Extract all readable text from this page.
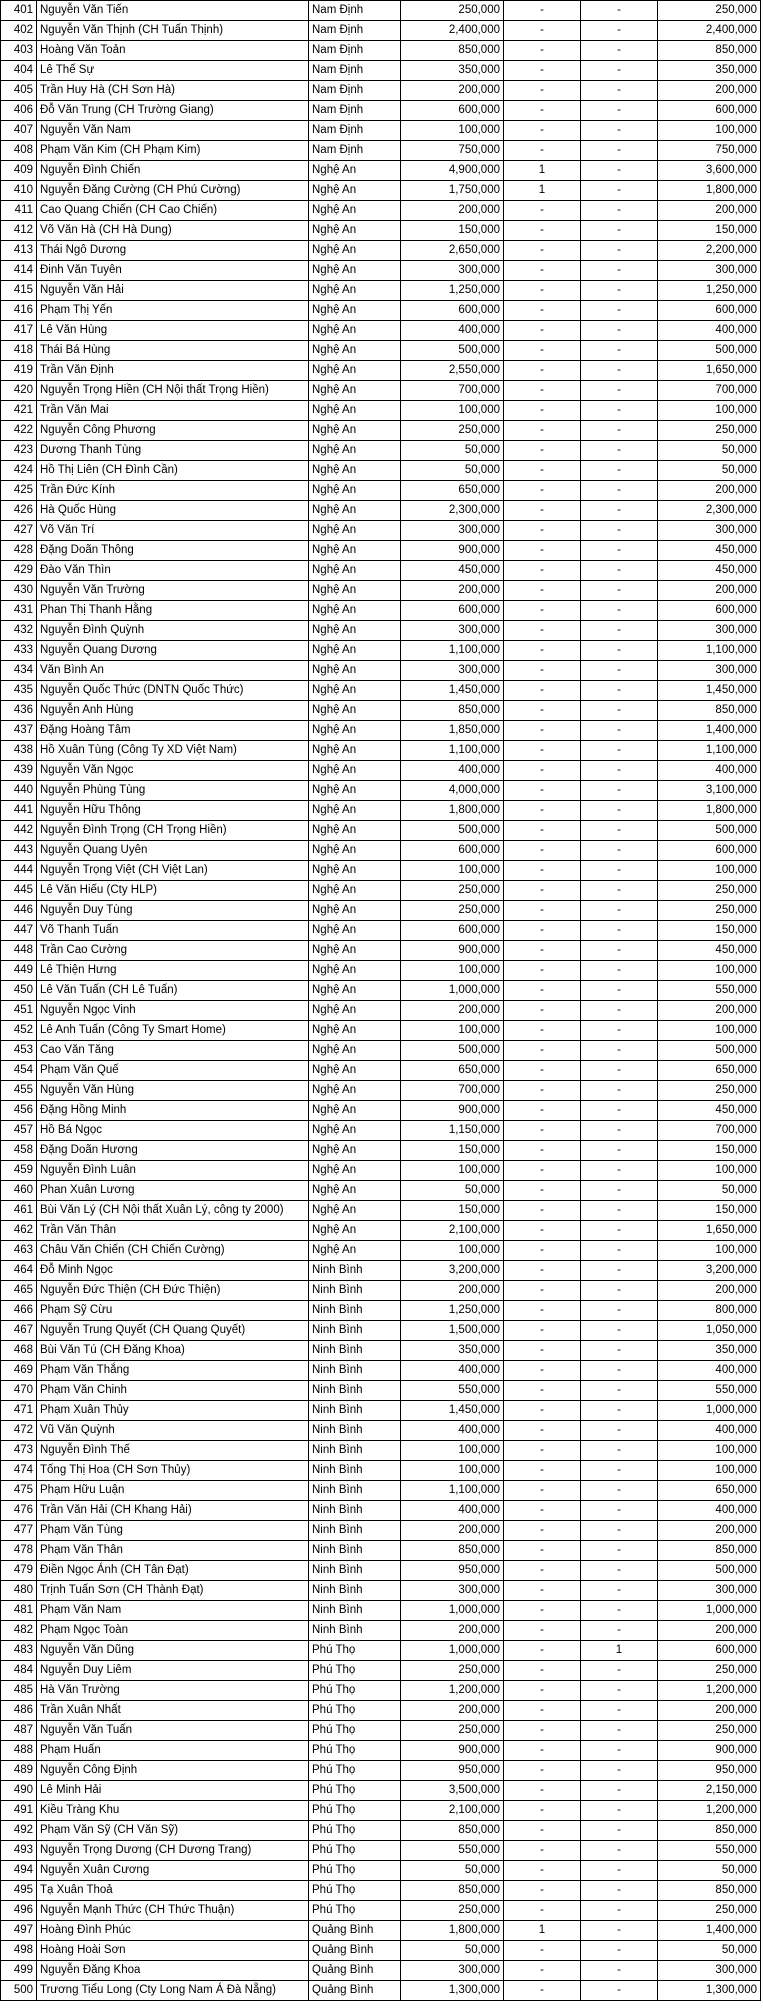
401	Nguyễn Văn Tiến	Nam Định	250,000	-	-	250,000
402	Nguyễn Văn Thịnh (CH Tuấn Thịnh)	Nam Định	2,400,000	-	-	2,400,000
403	Hoàng Văn Toản	Nam Định	850,000	-	-	850,000
404	Lê Thế Sự	Nam Định	350,000	-	-	350,000
405	Trần Huy Hà (CH Sơn Hà)	Nam Định	200,000	-	-	200,000
406	Đỗ Văn Trung (CH Trường Giang)	Nam Định	600,000	-	-	600,000
407	Nguyễn Văn Nam	Nam Định	100,000	-	-	100,000
408	Phạm Văn Kim (CH Phạm Kim)	Nam Định	750,000	-	-	750,000
409	Nguyễn Đình Chiến	Nghệ An	4,900,000	1	-	3,600,000
410	Nguyễn Đăng Cường (CH Phú Cường)	Nghệ An	1,750,000	1	-	1,800,000
411	Cao Quang Chiến (CH Cao Chiến)	Nghệ An	200,000	-	-	200,000
412	Võ Văn Hà (CH Hà Dung)	Nghệ An	150,000	-	-	150,000
413	Thái Ngô Dương	Nghệ An	2,650,000	-	-	2,200,000
414	Đinh Văn Tuyên	Nghệ An	300,000	-	-	300,000
415	Nguyễn Văn Hải	Nghệ An	1,250,000	-	-	1,250,000
416	Phạm Thị Yến	Nghệ An	600,000	-	-	600,000
417	Lê Văn Hùng	Nghệ An	400,000	-	-	400,000
418	Thái Bá Hùng	Nghệ An	500,000	-	-	500,000
419	Trần Văn Định	Nghệ An	2,550,000	-	-	1,650,000
420	Nguyễn Trọng Hiền (CH Nội thất Trọng Hiền)	Nghệ An	700,000	-	-	700,000
421	Trần Văn Mai	Nghệ An	100,000	-	-	100,000
422	Nguyễn Công Phương	Nghệ An	250,000	-	-	250,000
423	Dương Thanh Tùng	Nghệ An	50,000	-	-	50,000
424	Hồ Thị Liên (CH Đình Cần)	Nghệ An	50,000	-	-	50,000
425	Trần Đức Kính	Nghệ An	650,000	-	-	200,000
426	Hà Quốc Hùng	Nghệ An	2,300,000	-	-	2,300,000
427	Võ Văn Trí	Nghệ An	300,000	-	-	300,000
428	Đặng Doãn Thông	Nghệ An	900,000	-	-	450,000
429	Đào Văn Thìn	Nghệ An	450,000	-	-	450,000
430	Nguyễn Văn Trường	Nghệ An	200,000	-	-	200,000
431	Phan Thị Thanh Hằng	Nghệ An	600,000	-	-	600,000
432	Nguyễn Đình Quỳnh	Nghệ An	300,000	-	-	300,000
433	Nguyễn Quang Dương	Nghệ An	1,100,000	-	-	1,100,000
434	Văn Bình An	Nghệ An	300,000	-	-	300,000
435	Nguyễn Quốc Thức (DNTN Quốc Thức)	Nghệ An	1,450,000	-	-	1,450,000
436	Nguyễn Anh Hùng	Nghệ An	850,000	-	-	850,000
437	Đặng Hoàng Tâm	Nghệ An	1,850,000	-	-	1,400,000
438	Hồ Xuân Tùng (Công Ty XD Việt Nam)	Nghệ An	1,100,000	-	-	1,100,000
439	Nguyễn Văn Ngọc	Nghệ An	400,000	-	-	400,000
440	Nguyễn Phùng Tùng	Nghệ An	4,000,000	-	-	3,100,000
441	Nguyễn Hữu Thông	Nghệ An	1,800,000	-	-	1,800,000
442	Nguyễn Đình Trọng (CH Trọng Hiền)	Nghệ An	500,000	-	-	500,000
443	Nguyễn Quang Uyên	Nghệ An	600,000	-	-	600,000
444	Nguyễn Trọng Việt (CH Việt Lan)	Nghệ An	100,000	-	-	100,000
445	Lê Văn Hiếu (Cty HLP)	Nghệ An	250,000	-	-	250,000
446	Nguyễn Duy Tùng	Nghệ An	250,000	-	-	250,000
447	Võ Thanh Tuấn	Nghệ An	600,000	-	-	150,000
448	Trần Cao Cường	Nghệ An	900,000	-	-	450,000
449	Lê Thiện Hưng	Nghệ An	100,000	-	-	100,000
450	Lê Văn Tuấn (CH Lê Tuấn)	Nghệ An	1,000,000	-	-	550,000
451	Nguyễn Ngọc Vinh	Nghệ An	200,000	-	-	200,000
452	Lê Anh Tuấn (Công Ty Smart Home)	Nghệ An	100,000	-	-	100,000
453	Cao Văn Tăng	Nghệ An	500,000	-	-	500,000
454	Phạm Văn Quế	Nghệ An	650,000	-	-	650,000
455	Nguyễn Văn Hùng	Nghệ An	700,000	-	-	250,000
456	Đặng Hồng Minh	Nghệ An	900,000	-	-	450,000
457	Hồ Bá Ngọc	Nghệ An	1,150,000	-	-	700,000
458	Đặng Doãn Hương	Nghệ An	150,000	-	-	150,000
459	Nguyễn Đình Luân	Nghệ An	100,000	-	-	100,000
460	Phan Xuân Lương	Nghệ An	50,000	-	-	50,000
461	Bùi Văn Lý (CH Nội thất Xuân Lý, công ty 2000)	Nghệ An	150,000	-	-	150,000
462	Trần Văn Thân	Nghệ An	2,100,000	-	-	1,650,000
463	Châu Văn Chiến (CH Chiến Cường)	Nghệ An	100,000	-	-	100,000
464	Đỗ Minh Ngọc	Ninh Bình	3,200,000	-	-	3,200,000
465	Nguyễn Đức Thiện (CH Đức Thiện)	Ninh Bình	200,000	-	-	200,000
466	Phạm Sỹ Cừu	Ninh Bình	1,250,000	-	-	800,000
467	Nguyễn Trung Quyết (CH Quang Quyết)	Ninh Bình	1,500,000	-	-	1,050,000
468	Bùi Văn Tú (CH Đăng Khoa)	Ninh Bình	350,000	-	-	350,000
469	Phạm Văn Thắng	Ninh Bình	400,000	-	-	400,000
470	Phạm Văn Chinh	Ninh Bình	550,000	-	-	550,000
471	Phạm Xuân Thủy	Ninh Bình	1,450,000	-	-	1,000,000
472	Vũ Văn Quỳnh	Ninh Bình	400,000	-	-	400,000
473	Nguyễn Đình Thế	Ninh Bình	100,000	-	-	100,000
474	Tống Thị Hoa (CH Sơn Thủy)	Ninh Bình	100,000	-	-	100,000
475	Phạm Hữu Luận	Ninh Bình	1,100,000	-	-	650,000
476	Trần Văn Hải (CH Khang Hải)	Ninh Bình	400,000	-	-	400,000
477	Phạm Văn Tùng	Ninh Bình	200,000	-	-	200,000
478	Phạm Văn Thân	Ninh Bình	850,000	-	-	850,000
479	Điền Ngọc Ánh (CH Tân Đạt)	Ninh Bình	950,000	-	-	500,000
480	Trịnh Tuấn Sơn (CH Thành Đạt)	Ninh Bình	300,000	-	-	300,000
481	Phạm Văn Nam	Ninh Bình	1,000,000	-	-	1,000,000
482	Phạm Ngọc Toàn	Ninh Bình	200,000	-	-	200,000
483	Nguyễn Văn Dũng	Phú Thọ	1,000,000	-	1	600,000
484	Nguyễn Duy Liêm	Phú Thọ	250,000	-	-	250,000
485	Hà Văn Trường	Phú Thọ	1,200,000	-	-	1,200,000
486	Trần Xuân Nhất	Phú Thọ	200,000	-	-	200,000
487	Nguyễn Văn Tuấn	Phú Thọ	250,000	-	-	250,000
488	Phạm Huấn	Phú Thọ	900,000	-	-	900,000
489	Nguyễn Công Định	Phú Thọ	950,000	-	-	950,000
490	Lê Minh Hải	Phú Thọ	3,500,000	-	-	2,150,000
491	Kiều Tràng Khu	Phú Thọ	2,100,000	-	-	1,200,000
492	Phạm Văn Sỹ (CH Văn Sỹ)	Phú Thọ	850,000	-	-	850,000
493	Nguyễn Trọng Dương (CH Dương Trang)	Phú Thọ	550,000	-	-	550,000
494	Nguyễn Xuân Cương	Phú Thọ	50,000	-	-	50,000
495	Tạ Xuân Thoả	Phú Thọ	850,000	-	-	850,000
496	Nguyễn Mạnh Thức (CH Thức Thuận)	Phú Thọ	250,000	-	-	250,000
497	Hoàng Đình Phúc	Quảng Bình	1,800,000	1	-	1,400,000
498	Hoàng Hoài Sơn	Quảng Bình	50,000	-	-	50,000
499	Nguyễn Đăng Khoa	Quảng Bình	300,000	-	-	300,000
500	Trương Tiểu Long (Cty Long Nam Á Đà Nẵng)	Quảng Bình	1,300,000	-	-	1,300,000
